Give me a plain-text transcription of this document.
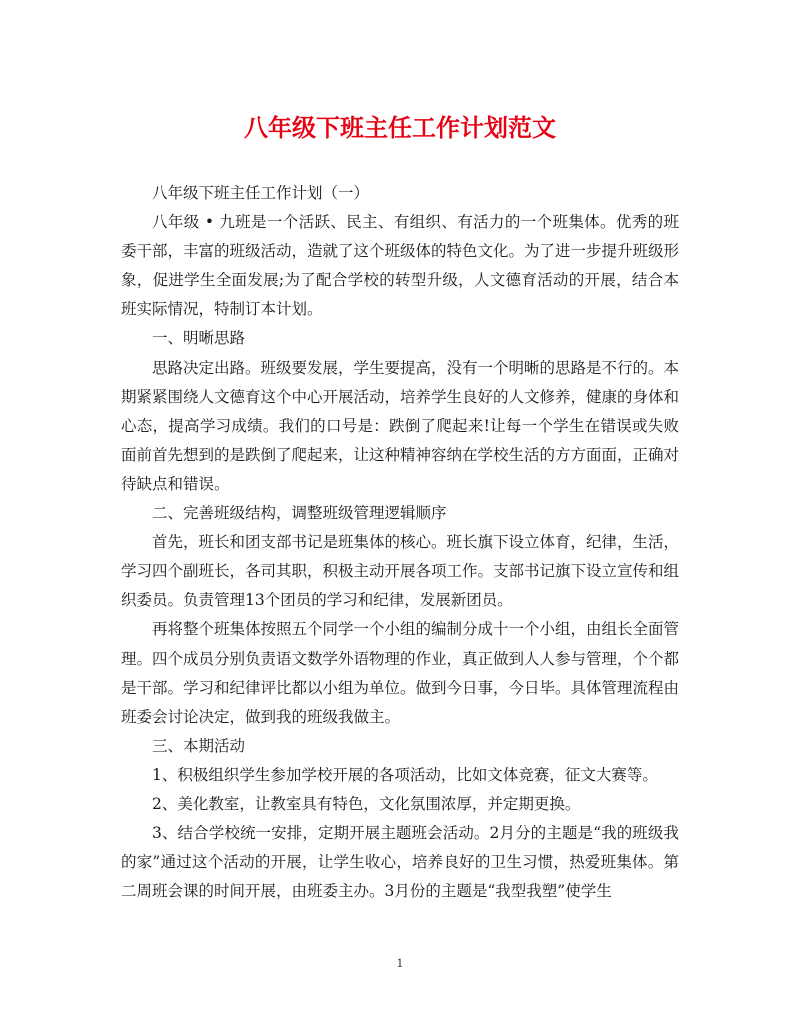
八年级下班主任工作计划范文

八年级下班主任工作计划（一）

八年级 • 九班是一个活跃、民主、有组织、有活力的一个班集体。优秀的班委干部，丰富的班级活动，造就了这个班级体的特色文化。为了进一步提升班级形象，促进学生全面发展;为了配合学校的转型升级，人文德育活动的开展，结合本班实际情况，特制订本计划。

一、明晰思路

思路决定出路。班级要发展，学生要提高，没有一个明晰的思路是不行的。本期紧紧围绕人文德育这个中心开展活动，培养学生良好的人文修养，健康的身体和心态，提高学习成绩。我们的口号是：跌倒了爬起来!让每一个学生在错误或失败面前首先想到的是跌倒了爬起来，让这种精神容纳在学校生活的方方面面，正确对待缺点和错误。

二、完善班级结构，调整班级管理逻辑顺序

首先，班长和团支部书记是班集体的核心。班长旗下设立体育，纪律，生活，学习四个副班长，各司其职，积极主动开展各项工作。支部书记旗下设立宣传和组织委员。负责管理13个团员的学习和纪律，发展新团员。

再将整个班集体按照五个同学一个小组的编制分成十一个小组，由组长全面管理。四个成员分别负责语文数学外语物理的作业，真正做到人人参与管理，个个都是干部。学习和纪律评比都以小组为单位。做到今日事，今日毕。具体管理流程由班委会讨论决定，做到我的班级我做主。

三、本期活动

1、积极组织学生参加学校开展的各项活动，比如文体竞赛，征文大赛等。

2、美化教室，让教室具有特色，文化氛围浓厚，并定期更换。

3、结合学校统一安排，定期开展主题班会活动。2月分的主题是“我的班级我的家”通过这个活动的开展，让学生收心，培养良好的卫生习惯，热爱班集体。第二周班会课的时间开展，由班委主办。3月份的主题是“我型我塑”使学生

1
